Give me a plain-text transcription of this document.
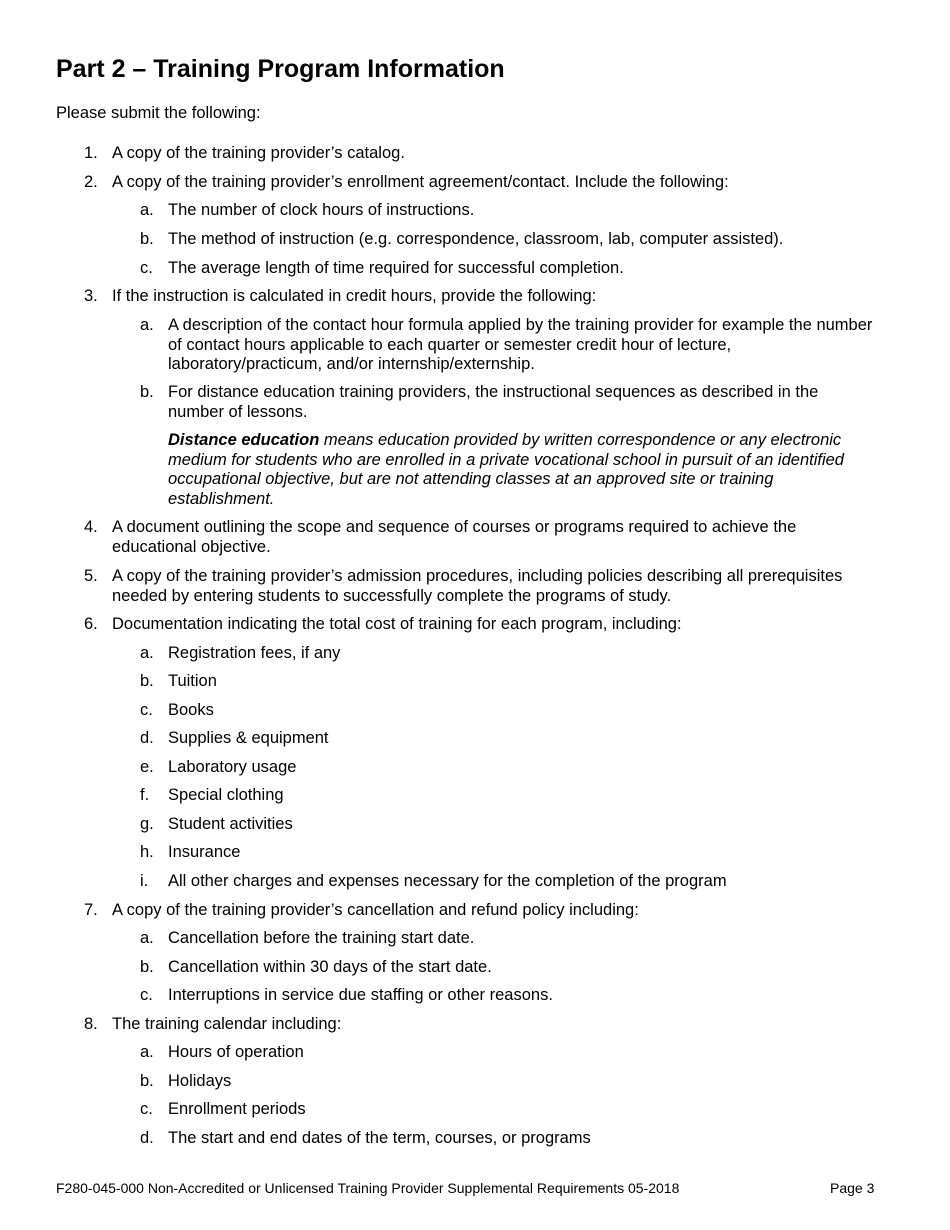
Part 2 – Training Program Information

Please submit the following:

1. A copy of the training provider’s catalog.
2. A copy of the training provider’s enrollment agreement/contact. Include the following:
a. The number of clock hours of instructions.
b. The method of instruction (e.g. correspondence, classroom, lab, computer assisted).
c. The average length of time required for successful completion.
3. If the instruction is calculated in credit hours, provide the following:
a. A description of the contact hour formula applied by the training provider for example the number of contact hours applicable to each quarter or semester credit hour of lecture, laboratory/practicum, and/or internship/externship.
b. For distance education training providers, the instructional sequences as described in the number of lessons.
Distance education means education provided by written correspondence or any electronic medium for students who are enrolled in a private vocational school in pursuit of an identified occupational objective, but are not attending classes at an approved site or training establishment.
4. A document outlining the scope and sequence of courses or programs required to achieve the educational objective.
5. A copy of the training provider’s admission procedures, including policies describing all prerequisites needed by entering students to successfully complete the programs of study.
6. Documentation indicating the total cost of training for each program, including:
a. Registration fees, if any
b. Tuition
c. Books
d. Supplies & equipment
e. Laboratory usage
f.	Special clothing
g. Student activities
h. Insurance
i.	All other charges and expenses necessary for the completion of the program
7. A copy of the training provider’s cancellation and refund policy including:
a. Cancellation before the training start date.
b. Cancellation within 30 days of the start date.
c. Interruptions in service due staffing or other reasons.
8. The training calendar including:
a. Hours of operation
b. Holidays
c. Enrollment periods
d. The start and end dates of the term, courses, or programs
F280-045-000 Non-Accredited or Unlicensed Training Provider Supplemental Requirements 05-2018	Page 3
